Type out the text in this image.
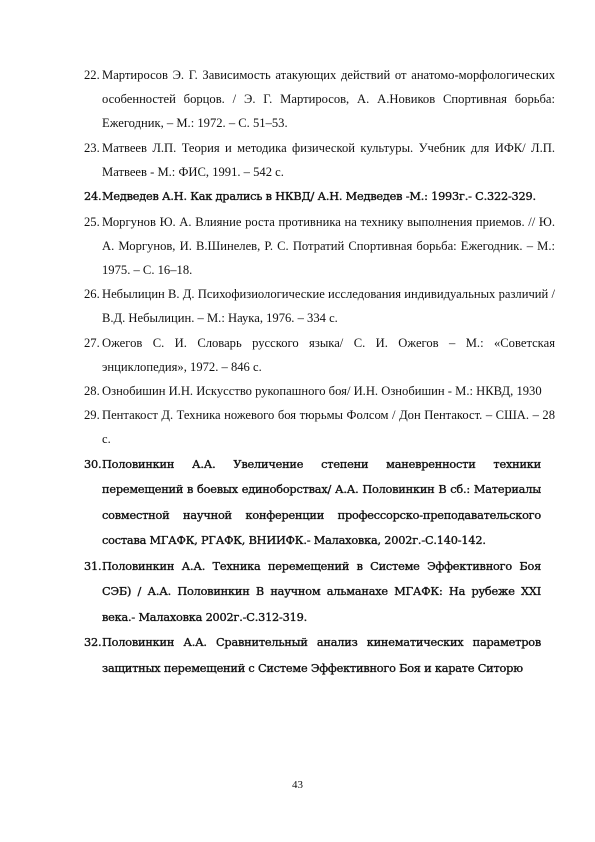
22. Мартиросов Э. Г. Зависимость атакующих действий от анатомо-морфологических особенностей борцов. / Э. Г. Мартиросов, А. А.Новиков Спортивная борьба: Ежегодник, – М.: 1972. – С. 51–53.
23. Матвеев Л.П. Теория и методика физической культуры. Учебник для ИФК/ Л.П. Матвеев - М.: ФИС, 1991. – 542 с.
24. Медведев А.Н. Как дрались в НКВД/ А.Н. Медведев -М.: 1993г.- С.322-329.
25. Моргунов Ю. А. Влияние роста противника на технику выполнения приемов. // Ю. А. Моргунов, И. В.Шинелев, Р. С. Потратий Спортивная борьба: Ежегодник. – М.: 1975. – С. 16–18.
26. Небылицин В. Д. Психофизиологические исследования индивидуальных различий / В.Д. Небылицин. – М.: Наука, 1976. – 334 с.
27. Ожегов С. И. Словарь русского языка/ С. И. Ожегов – М.: «Советская энциклопедия», 1972. – 846 с.
28. Ознобишин И.Н. Искусство рукопашного боя/ И.Н. Ознобишин - М.: НКВД, 1930
29. Пентакост Д. Техника ножевого боя тюрьмы Фолсом / Дон Пентакост. – США. – 28 с.
30. Половинкин А.А. Увеличение степени маневренности техники перемещений в боевых единоборствах/ А.А. Половинкин В сб.: Материалы совместной научной конференции профессорско-преподавательского состава МГАФК, РГАФК, ВНИИФК.- Малаховка, 2002г.-С.140-142.
31. Половинкин А.А. Техника перемещений в Системе Эффективного Боя СЭБ) / А.А. Половинкин В научном альманахе МГАФК: На рубеже XXI века.- Малаховка 2002г.-С.312-319.
32. Половинкин А.А. Сравнительный анализ кинематических параметров защитных перемещений с Системе Эффективного Боя и карате Ситорю
43
